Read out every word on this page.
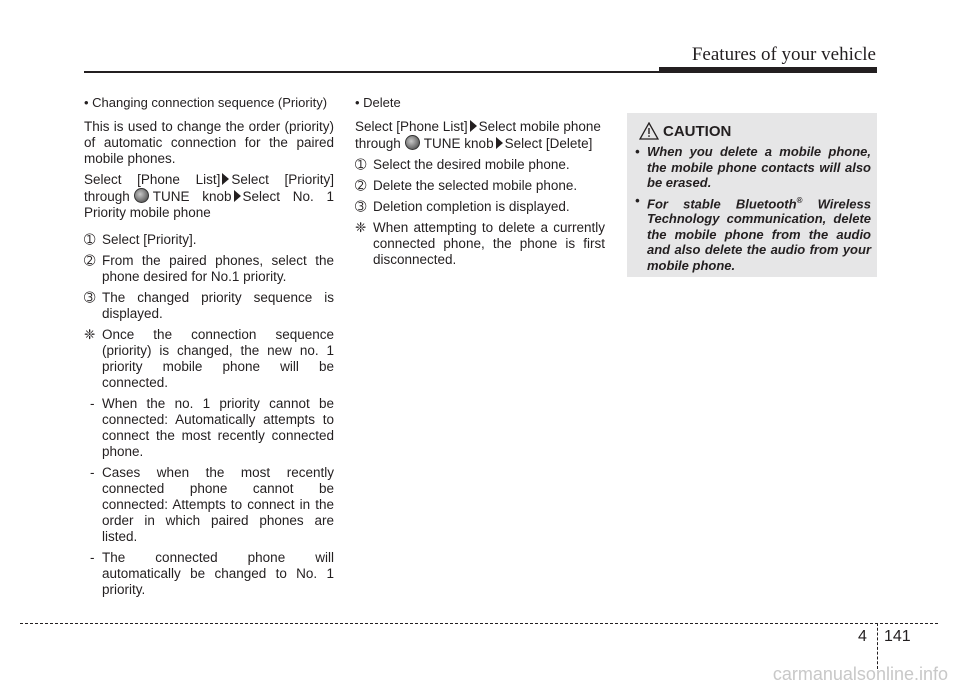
Features of your vehicle

• Changing connection sequence (Priority)

This is used to change the order (priority) of automatic connection for the paired mobile phones.

Select [Phone List] Select [Priority] through TUNE knob Select No. 1 Priority mobile phone

➀ Select [Priority].
➁ From the paired phones, select the phone desired for No.1 priority.
➂ The changed priority sequence is displayed.
❈ Once the connection sequence (priority) is changed, the new no. 1 priority mobile phone will be connected.
- When the no. 1 priority cannot be connected: Automatically attempts to connect the most recently connected phone.
- Cases when the most recently connected phone cannot be connected: Attempts to connect in the order in which paired phones are listed.
- The connected phone will automatically be changed to No. 1 priority.

• Delete

Select [Phone List] Select mobile phone through TUNE knob Select [Delete]

➀ Select the desired mobile phone.
➁ Delete the selected mobile phone.
➂ Deletion completion is displayed.
❈ When attempting to delete a currently connected phone, the phone is first disconnected.
CAUTION
• When you delete a mobile phone, the mobile phone contacts will also be erased.
• For stable Bluetooth® Wireless Technology communication, delete the mobile phone from the audio and also delete the audio from your mobile phone.
4 141
carmanualsonline.info
